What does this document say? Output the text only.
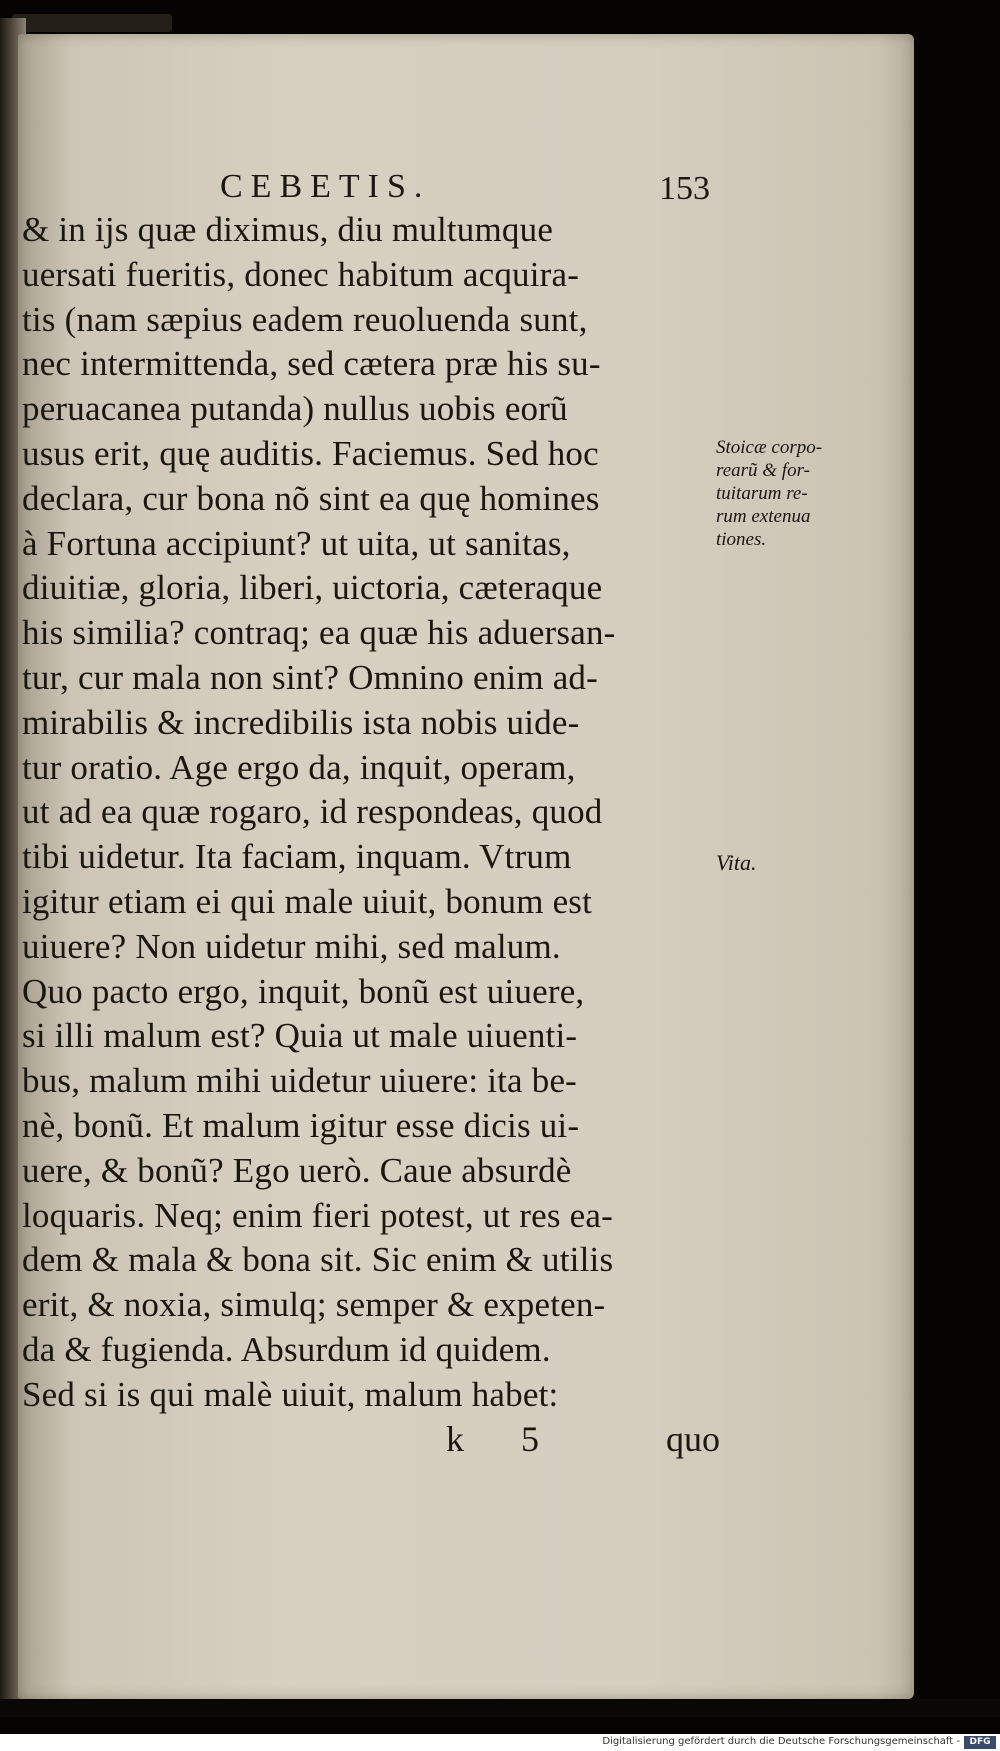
CEBETIS.	153
& in ijs quæ diximus, diu multumque
uersati fueritis, donec habitum acquira-
tis (nam sæpius eadem reuoluenda sunt,
nec intermittenda, sed cætera præ his su-
peruacanea putanda) nullus uobis eorũ
usus erit, quę auditis. Faciemus. Sed hoc
declara, cur bona nõ sint ea quę homines
à Fortuna accipiunt? ut uita, ut sanitas,
diuitiæ, gloria, liberi, uictoria, cæteraque
his similia? contraq; ea quæ his aduersan-
tur, cur mala non sint? Omnino enim ad-
mirabilis & incredibilis ista nobis uide-
tur oratio. Age ergo da, inquit, operam,
ut ad ea quæ rogaro, id respondeas, quod
tibi uidetur. Ita faciam, inquam. Vtrum
igitur etiam ei qui male uiuit, bonum est
uiuere? Non uidetur mihi, sed malum.
Quo pacto ergo, inquit, bonũ est uiuere,
si illi malum est? Quia ut male uiuenti-
bus, malum mihi uidetur uiuere: ita be-
nè, bonũ. Et malum igitur esse dicis ui-
uere, & bonũ? Ego uerò. Caue absurdè
loquaris. Neq; enim fieri potest, ut res ea-
dem & mala & bona sit. Sic enim & utilis
erit, & noxia, simulq; semper & expeten-
da & fugienda. Absurdum id quidem.
Sed si is qui malè uiuit, malum habet:
Stoicæ corpo-
rearũ & for-
tuitarum re-
rum extenua
tiones.
Vita.
k 5	quo
Digitalisierung gefördert durch die Deutsche Forschungsgemeinschaft -	DFG
